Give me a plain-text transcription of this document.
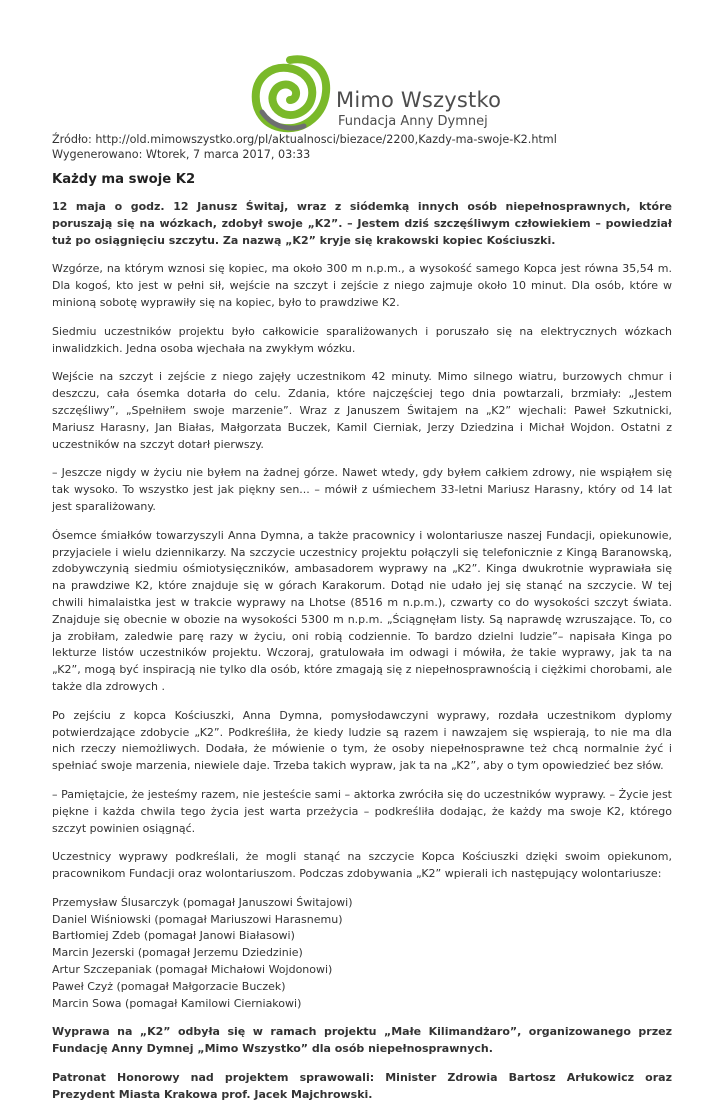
Mimo Wszystko
Fundacja Anny Dymnej
Źródło: http://old.mimowszystko.org/pl/aktualnosci/biezace/2200,Kazdy-ma-swoje-K2.html
Wygenerowano: Wtorek, 7 marca 2017, 03:33
Każdy ma swoje K2

12 maja o godz. 12 Janusz Świtaj, wraz z siódemką innych osób niepełnosprawnych, które poruszają się na wózkach, zdobył swoje „K2”. – Jestem dziś szczęśliwym człowiekiem – powiedział tuż po osiągnięciu szczytu. Za nazwą „K2” kryje się krakowski kopiec Kościuszki.

Wzgórze, na którym wznosi się kopiec, ma około 300 m n.p.m., a wysokość samego Kopca jest równa 35,54 m. Dla kogoś, kto jest w pełni sił, wejście na szczyt i zejście z niego zajmuje około 10 minut. Dla osób, które w minioną sobotę wyprawiły się na kopiec, było to prawdziwe K2.

Siedmiu uczestników projektu było całkowicie sparaliżowanych i poruszało się na elektrycznych wózkach inwalidzkich. Jedna osoba wjechała na zwykłym wózku.

Wejście na szczyt i zejście z niego zajęły uczestnikom 42 minuty. Mimo silnego wiatru, burzowych chmur i deszczu, cała ósemka dotarła do celu. Zdania, które najczęściej tego dnia powtarzali, brzmiały: „Jestem szczęśliwy”, „Spełniłem swoje marzenie”. Wraz z Januszem Świtajem na „K2” wjechali: Paweł Szkutnicki, Mariusz Harasny, Jan Białas, Małgorzata Buczek, Kamil Cierniak, Jerzy Dziedzina i Michał Wojdon. Ostatni z uczestników na szczyt dotarł pierwszy.

– Jeszcze nigdy w życiu nie byłem na żadnej górze. Nawet wtedy, gdy byłem całkiem zdrowy, nie wspiąłem się tak wysoko. To wszystko jest jak piękny sen... – mówił z uśmiechem 33-letni Mariusz Harasny, który od 14 lat jest sparaliżowany.

Ósemce śmiałków towarzyszyli Anna Dymna, a także pracownicy i wolontariusze naszej Fundacji, opiekunowie, przyjaciele i wielu dziennikarzy. Na szczycie uczestnicy projektu połączyli się telefonicznie z Kingą Baranowską, zdobywczynią siedmiu ośmiotysięczników, ambasadorem wyprawy na „K2”. Kinga dwukrotnie wyprawiała się na prawdziwe K2, które znajduje się w górach Karakorum. Dotąd nie udało jej się stanąć na szczycie. W tej chwili himalaistka jest w trakcie wyprawy na Lhotse (8516 m n.p.m.), czwarty co do wysokości szczyt świata. Znajduje się obecnie w obozie na wysokości 5300 m n.p.m. „Ściągnęłam listy. Są naprawdę wzruszające. To, co ja zrobiłam, zaledwie parę razy w życiu, oni robią codziennie. To bardzo dzielni ludzie”– napisała Kinga po lekturze listów uczestników projektu. Wczoraj, gratulowała im odwagi i mówiła, że takie wyprawy, jak ta na „K2”, mogą być inspiracją nie tylko dla osób, które zmagają się z niepełnosprawnością i ciężkimi chorobami, ale także dla zdrowych .

Po zejściu z kopca Kościuszki, Anna Dymna, pomysłodawczyni wyprawy, rozdała uczestnikom dyplomy potwierdzające zdobycie „K2”. Podkreśliła, że kiedy ludzie są razem i nawzajem się wspierają, to nie ma dla nich rzeczy niemożliwych. Dodała, że mówienie o tym, że osoby niepełnosprawne też chcą normalnie żyć i spełniać swoje marzenia, niewiele daje. Trzeba takich wypraw, jak ta na „K2”, aby o tym opowiedzieć bez słów.

– Pamiętajcie, że jesteśmy razem, nie jesteście sami – aktorka zwróciła się do uczestników wyprawy. – Życie jest piękne i każda chwila tego życia jest warta przeżycia – podkreśliła dodając, że każdy ma swoje K2, którego szczyt powinien osiągnąć.

Uczestnicy wyprawy podkreślali, że mogli stanąć na szczycie Kopca Kościuszki dzięki swoim opiekunom, pracownikom Fundacji oraz wolontariuszom. Podczas zdobywania „K2” wpierali ich następujący wolontariusze:

Przemysław Ślusarczyk (pomagał Januszowi Świtajowi)
Daniel Wiśniowski (pomagał Mariuszowi Harasnemu)
Bartłomiej Zdeb (pomagał Janowi Białasowi)
Marcin Jezerski (pomagał Jerzemu Dziedzinie)
Artur Szczepaniak (pomagał Michałowi Wojdonowi)
Paweł Czyż (pomagał Małgorzacie Buczek)
Marcin Sowa (pomagał Kamilowi Cierniakowi)

Wyprawa na „K2” odbyła się w ramach projektu „Małe Kilimandżaro”, organizowanego przez Fundację Anny Dymnej „Mimo Wszystko” dla osób niepełnosprawnych.

Patronat Honorowy nad projektem sprawowali: Minister Zdrowia Bartosz Arłukowicz oraz Prezydent Miasta Krakowa prof. Jacek Majchrowski.
